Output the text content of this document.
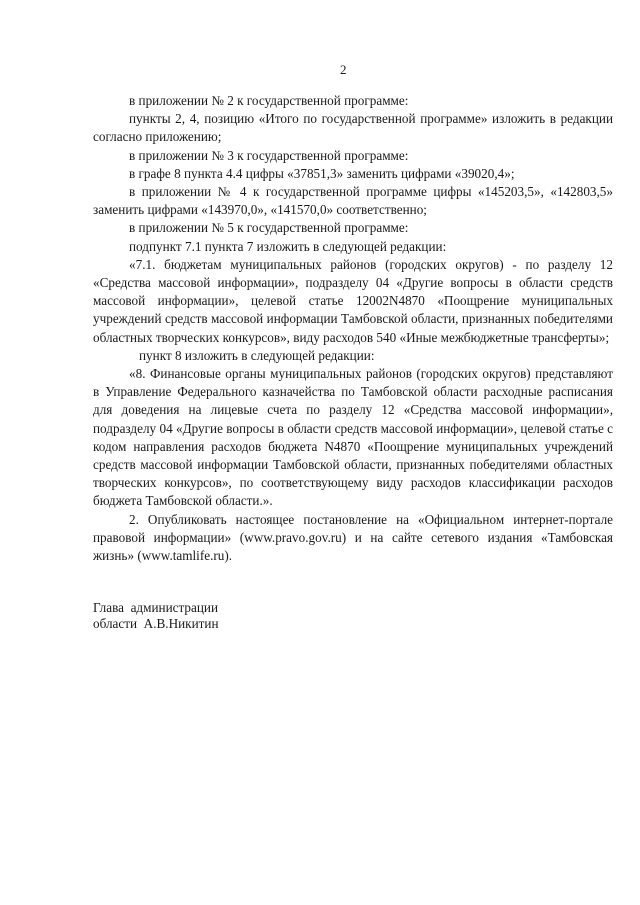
2

в приложении № 2 к государственной программе:

пункты 2, 4, позицию «Итого по государственной программе» изложить в редакции согласно приложению;

в приложении № 3 к государственной программе:

в графе 8 пункта 4.4 цифры «37851,3» заменить цифрами «39020,4»;

в приложении № 4 к государственной программе цифры «145203,5», «142803,5» заменить цифрами «143970,0», «141570,0» соответственно;

в приложении № 5 к государственной программе:

подпункт 7.1 пункта 7 изложить в следующей редакции:

«7.1. бюджетам муниципальных районов (городских округов) - по разделу 12 «Средства массовой информации», подразделу 04 «Другие вопросы в области средств массовой информации», целевой статье 12002N4870 «Поощрение муниципальных учреждений средств массовой информации Тамбовской области, признанных победителями областных творческих конкурсов», виду расходов 540 «Иные межбюджетные трансферты»;

пункт 8 изложить в следующей редакции:

«8. Финансовые органы муниципальных районов (городских округов) представляют в Управление Федерального казначейства по Тамбовской области расходные расписания для доведения на лицевые счета по разделу 12 «Средства массовой информации», подразделу 04 «Другие вопросы в области средств массовой информации», целевой статье с кодом направления расходов бюджета N4870 «Поощрение муниципальных учреждений средств массовой информации Тамбовской области, признанных победителями областных творческих конкурсов», по соответствующему виду расходов классификации расходов бюджета Тамбовской области.».

2. Опубликовать настоящее постановление на «Официальном интернет-портале правовой информации» (www.pravo.gov.ru) и на сайте сетевого издания «Тамбовская жизнь» (www.tamlife.ru).

Глава  администрации
области  А.В.Никитин
